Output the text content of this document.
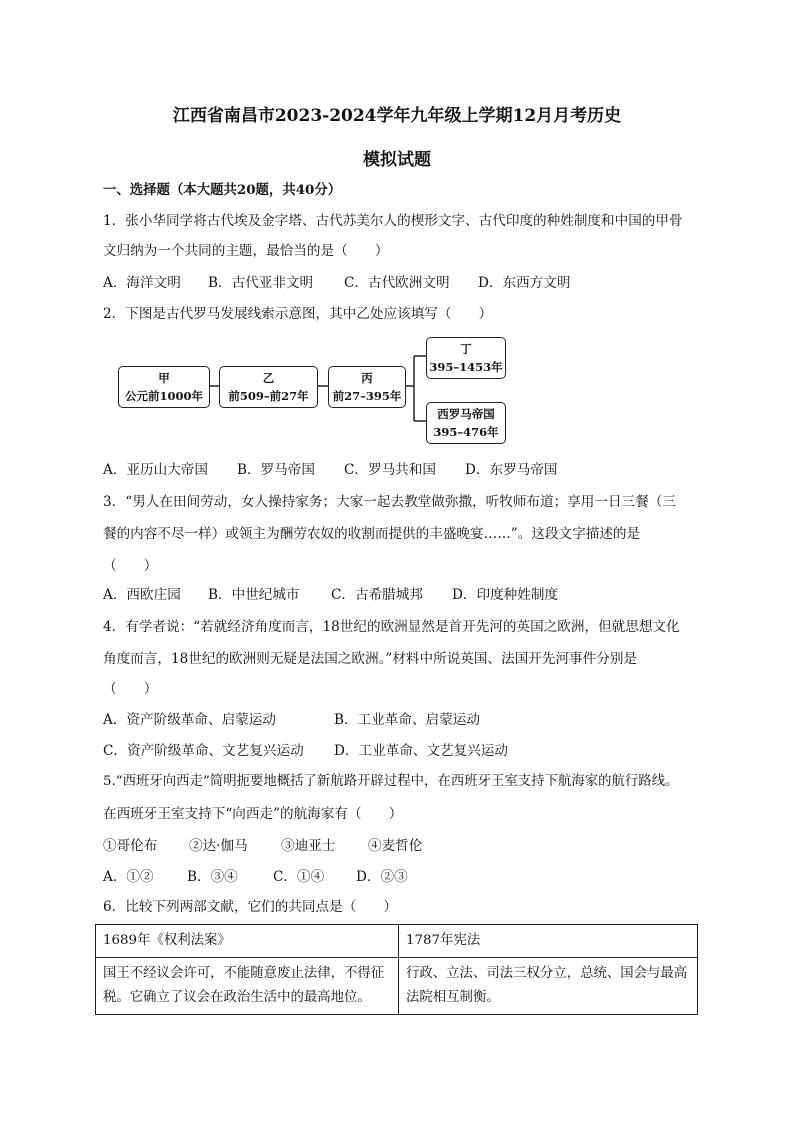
江西省南昌市2023-2024学年九年级上学期12月月考历史
模拟试题
一、选择题（本大题共20题，共40分）
1．张小华同学将古代埃及金字塔、古代苏美尔人的楔形文字、古代印度的种姓制度和中国的甲骨
文归纳为一个共同的主题，最恰当的是（　　）
A．海洋文明 B．古代亚非文明 C．古代欧洲文明 D．东西方文明
2．下图是古代罗马发展线索示意图，其中乙处应该填写（　　）
甲
公元前1000年
乙
前509–前27年
丙
前27–395年
丁
395–1453年
西罗马帝国
395–476年
A．亚历山大帝国 B．罗马帝国 C．罗马共和国 D．东罗马帝国
3．“男人在田间劳动，女人操持家务；大家一起去教堂做弥撒，听牧师布道；享用一日三餐（三
餐的内容不尽一样）或领主为酬劳农奴的收割而提供的丰盛晚宴……”。这段文字描述的是
（　　）
A．西欧庄园 B．中世纪城市 C．古希腊城邦 D．印度种姓制度
4．有学者说：“若就经济角度而言，18世纪的欧洲显然是首开先河的英国之欧洲，但就思想文化
角度而言，18世纪的欧洲则无疑是法国之欧洲。”材料中所说英国、法国开先河事件分别是
（　　）
A．资产阶级革命、启蒙运动	B．工业革命、启蒙运动
C．资产阶级革命、文艺复兴运动 D．工业革命、文艺复兴运动
5.“西班牙向西走”简明扼要地概括了新航路开辟过程中，在西班牙王室支持下航海家的航行路线。
在西班牙王室支持下“向西走”的航海家有（　　）
①哥伦布 ②达·伽马 ③迪亚士 ④麦哲伦
A．①② B．③④	C．①④ D．②③
6．比较下列两部文献，它们的共同点是（　　）
1689年《权利法案》	1787年宪法
国王不经议会许可，不能随意废止法律，不得征税。它确立了议会在政治生活中的最高地位。	行政、立法、司法三权分立，总统、国会与最高法院相互制衡。
